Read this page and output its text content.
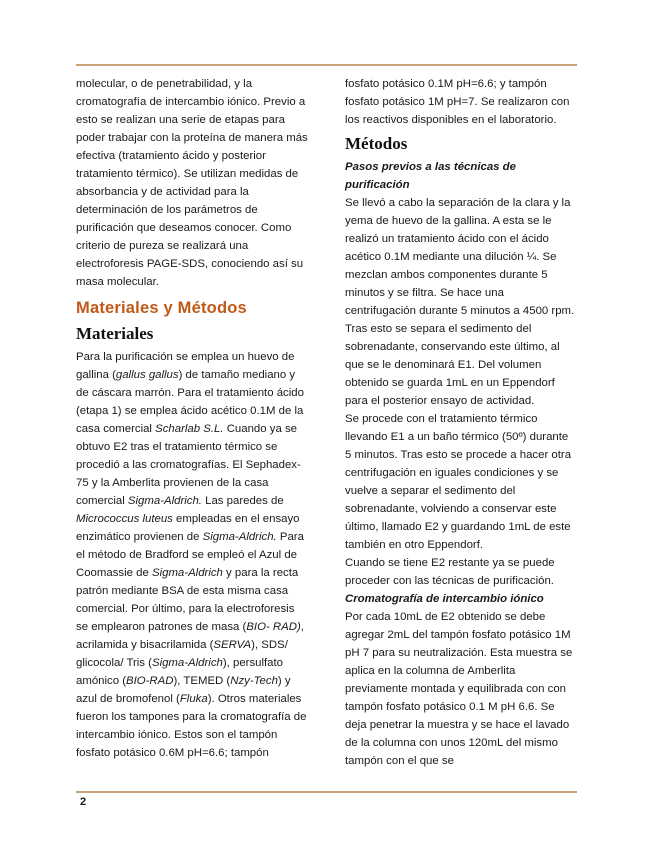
molecular, o de penetrabilidad, y la cromatografía de intercambio iónico. Previo a esto se realizan una serie de etapas para poder trabajar con la proteína de manera más efectiva (tratamiento ácido y posterior tratamiento térmico). Se utilizan medidas de absorbancia y de actividad para la determinación de los parámetros de purificación que deseamos conocer. Como criterio de pureza se realizará una electroforesis PAGE-SDS, conociendo así su masa molecular.

Materiales y Métodos
Materiales

Para la purificación se emplea un huevo de gallina (gallus gallus) de tamaño mediano y de cáscara marrón. Para el tratamiento ácido (etapa 1) se emplea ácido acético 0.1M de la casa comercial Scharlab S.L. Cuando ya se obtuvo E2 tras el tratamiento térmico se procedió a las cromatografías. El Sephadex-75 y la Amberlita provienen de la casa comercial Sigma-Aldrich. Las paredes de Micrococcus luteus empleadas en el ensayo enzimático provienen de Sigma-Aldrich. Para el método de Bradford se empleó el Azul de Coomassie de Sigma-Aldrich y para la recta patrón mediante BSA de esta misma casa comercial. Por último, para la electroforesis se emplearon patrones de masa (BIO- RAD), acrilamida y bisacrilamida (SERVA), SDS/ glicocola/ Tris (Sigma-Aldrich), persulfato amónico (BIO-RAD), TEMED (Nzy-Tech) y azul de bromofenol (Fluka). Otros materiales fueron los tampones para la cromatografía de intercambio iónico. Estos son el tampón fosfato potásico 0.6M pH=6.6; tampón

fosfato potásico 0.1M pH=6.6; y tampón fosfato potásico 1M pH=7. Se realizaron con los reactivos disponibles en el laboratorio.

Métodos
Pasos previos a las técnicas de purificación

Se llevó a cabo la separación de la clara y la yema de huevo de la gallina. A esta se le realizó un tratamiento ácido con el ácido acético 0.1M mediante una dilución ¼. Se mezclan ambos componentes durante 5 minutos y se filtra. Se hace una centrifugación durante 5 minutos a 4500 rpm. Tras esto se separa el sedimento del sobrenadante, conservando este último, al que se le denominará E1. Del volumen obtenido se guarda 1mL en un Eppendorf para el posterior ensayo de actividad.

Se procede con el tratamiento térmico llevando E1 a un baño térmico (50º) durante 5 minutos. Tras esto se procede a hacer otra centrifugación en iguales condiciones y se vuelve a separar el sedimento del sobrenadante, volviendo a conservar este último, llamado E2 y guardando 1mL de este también en otro Eppendorf.

Cuando se tiene E2 restante ya se puede proceder con las técnicas de purificación.

Cromatografía de intercambio iónico

Por cada 10mL de E2 obtenido se debe agregar 2mL del tampón fosfato potásico 1M pH 7 para su neutralización. Esta muestra se aplica en la columna de Amberlita previamente montada y equilibrada con con tampón fosfato potásico 0.1 M pH 6.6. Se deja penetrar la muestra y se hace el lavado de la columna con unos 120mL del mismo tampón con el que se

2
